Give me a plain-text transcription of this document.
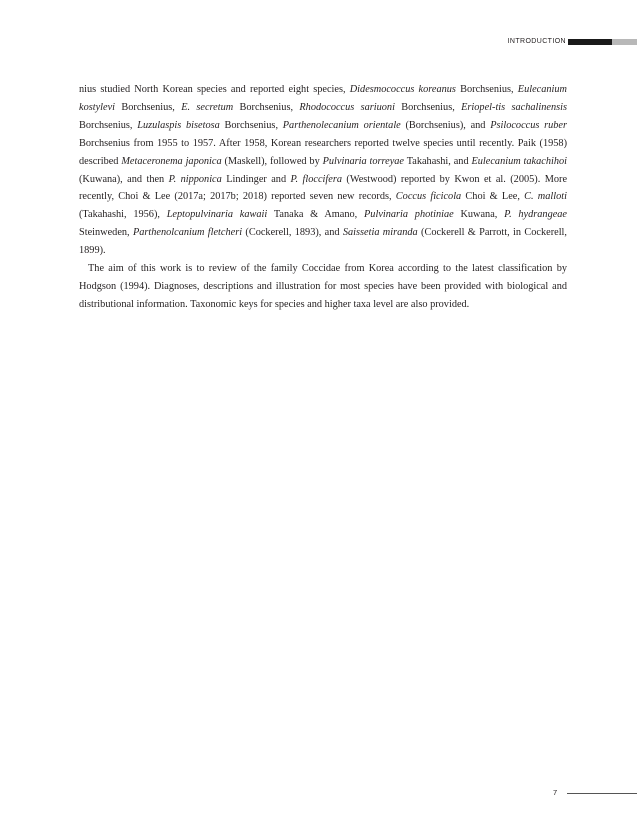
INTRODUCTION

nius studied North Korean species and reported eight species, Didesmococcus koreanus Borchsenius, Eulecanium kostylevi Borchsenius, E. secretum Borchsenius, Rhodococcus sariuoni Borchsenius, Eriopel-tis sachalinensis Borchsenius, Luzulaspis bisetosa Borchsenius, Parthenolecanium orientale (Borchsenius), and Psilococcus ruber Borchsenius from 1955 to 1957. After 1958, Korean researchers reported twelve species until recently. Paik (1958) described Metaceronema japonica (Maskell), followed by Pulvinaria torreyae Takahashi, and Eulecanium takachihoi (Kuwana), and then P. nipponica Lindinger and P. floccifera (Westwood) reported by Kwon et al. (2005). More recently, Choi & Lee (2017a; 2017b; 2018) reported seven new records, Coccus ficicola Choi & Lee, C. malloti (Takahashi, 1956), Leptopulvinaria kawaii Tanaka & Amano, Pulvinaria photiniae Kuwana, P. hydrangeae Steinweden, Parthenolcanium fletcheri (Cockerell, 1893), and Saissetia miranda (Cockerell & Parrott, in Cockerell, 1899).

The aim of this work is to review of the family Coccidae from Korea according to the latest classification by Hodgson (1994). Diagnoses, descriptions and illustration for most species have been provided with biological and distributional information. Taxonomic keys for species and higher taxa level are also provided.

7
